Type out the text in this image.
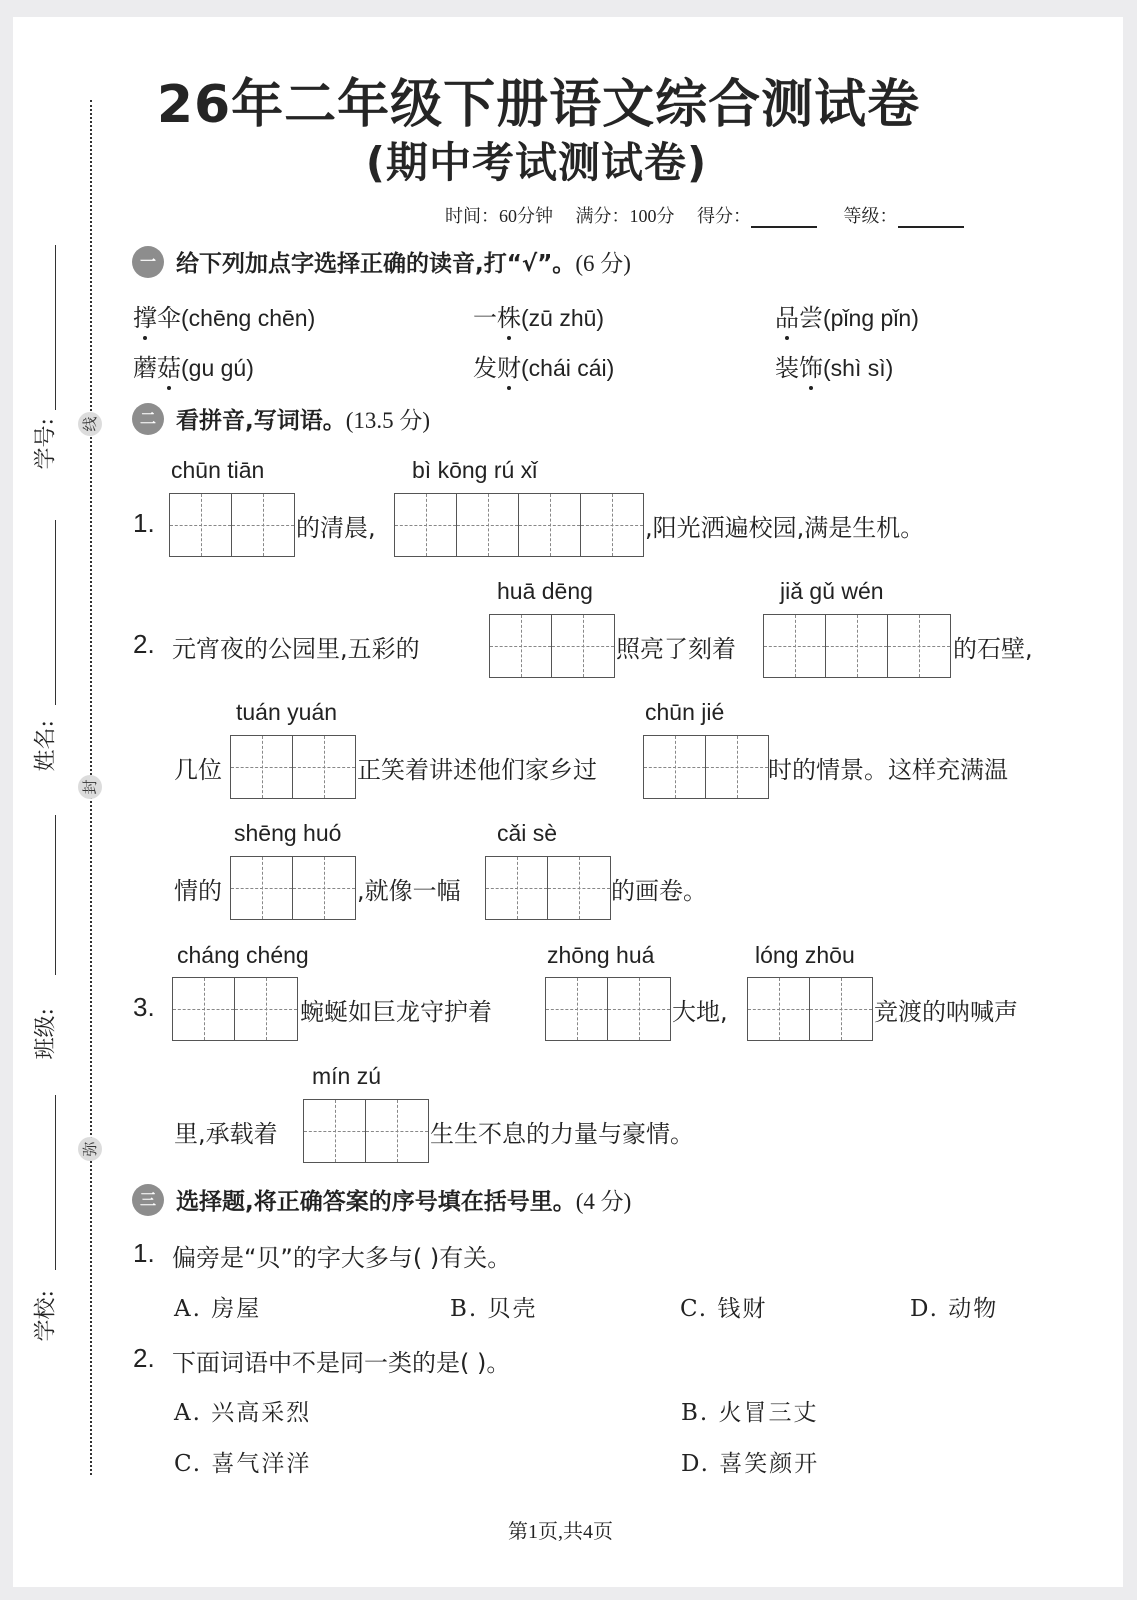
线
封
弥
学号:
姓名:
班级:
学校:
26年二年级下册语文综合测试卷
(期中考试测试卷)
时间：60分钟 满分：100分 得分：	等级：
一 给下列加点字选择正确的读音,打“√”。 (6 分)
撑伞(chēng chēn)	一株(zū zhū)	品尝(pǐng pǐn)
蘑菇(gu gú)	发财(chái cái)	装饰(shì sì)
二 看拼音,写词语。 (13.5 分)
chūn tiān	bì kōng rú xǐ
1.	的清晨,	,阳光洒遍校园,满是生机。
huā dēng	jiǎ gǔ wén
2. 元宵夜的公园里,五彩的	照亮了刻着	的石壁,
tuán yuán	chūn jié
几位	正笑着讲述他们家乡过	时的情景。这样充满温
shēng huó	cǎi sè
情的	,就像一幅	的画卷。
cháng chéng	zhōng huá	lóng zhōu
3.	蜿蜒如巨龙守护着	大地,	竞渡的呐喊声
mín zú
里,承载着	生生不息的力量与豪情。
三 选择题,将正确答案的序号填在括号里。 (4 分)
1. 偏旁是“贝”的字大多与( )有关。
A. 房屋	B. 贝壳	C. 钱财	D. 动物
2. 下面词语中不是同一类的是( )。
A. 兴高采烈	B. 火冒三丈
C. 喜气洋洋	D. 喜笑颜开
第1页,共4页
